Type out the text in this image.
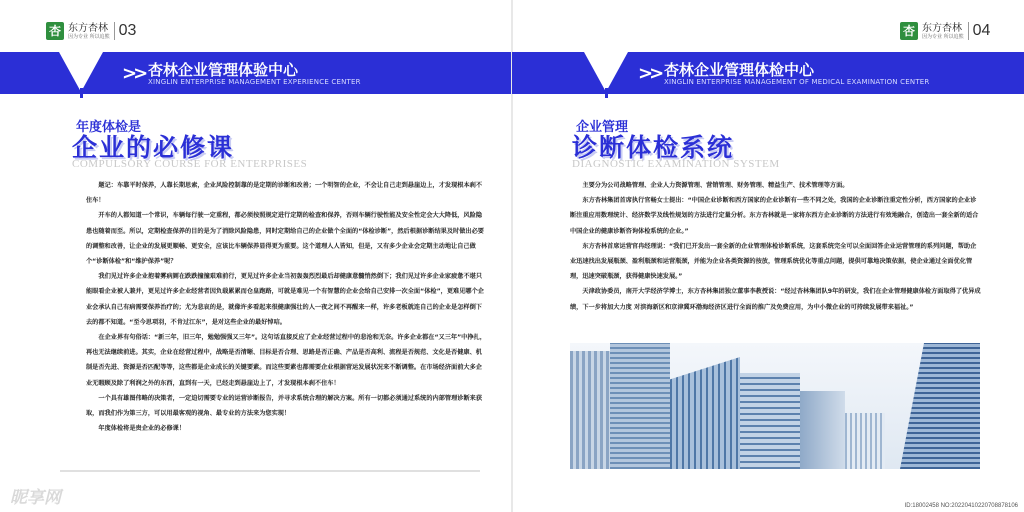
杏 东方杏林
因为专业 所以追熊 03
>> 杏林企业管理体验中心
XINGLIN ENTERPRISE MANAGEMENT EXPERIENCE CENTER
年度体检是
企业的必修课
COMPULSORY COURSE FOR ENTERPRISES

题记：车靠平时保养，人靠长期思索，企业风险控制靠的是定期的诊断和改善；一个明智的企业，不会让自己走到悬崖边上，才发现根本刹不住车！

开车的人都知道一个常识，车辆每行驶一定重程，都必须按照规定进行定期的检查和保养，否则车辆行驶性能及安全性定会大大降低，风险隐患也随着而至。所以，定期检查保养的目的是为了消除风险隐患，同时定期给自己的企业做个全面的“体检诊断”，然后根据诊断结果及时做出必要的调整和改善，让企业的发展更顺畅、更安全，应该比车辆保养显得更为重要。这个道理人人皆知，但是，又有多少企业会定期主动地让自己做个“诊断体检”和“维护保养”呢？

我们见过许多企业抱着雾病厕在跌跌撞撞艰难前行，更见过许多企业当初轰轰烈烈最后却健康意髓悄然倒下；我们见过许多企业家疲惫不堪只能眼看企业被人兼并，更见过许多企业经营者因负载累累而仓皇跑路，可就是难见一个有智慧的企业会给自己安排一次全面“体检”，更难见哪个企业会承认自己有病需要保养治疗的；尤为悲哀的是，就像许多看起来很健康强壮的人一夜之间不再醒来一样，许多老板就连自己的企业是怎样倒下去的都不知道。“至今思项羽，不肯过江东”，是对这些企业的最好悼唁。

在企业界有句俗话：“新三年，旧三年，勉勉强强又三年”。这句话直接反应了企业经营过程中的悲沧和无奈。许多企业都在“又三年”中挣扎，再也无法继续前进。其实，企业在经营过程中，战略是否清晰、目标是否合理、思路是否正确、产品是否高利、流程是否规范、文化是否健康、机制是否先进、资源是否匹配等等，这些都是企业成长的关键要素。而这些要素也都需要企业根据营运发展状况来不断调整。在市场经济面前大多企业无暇顾及除了利润之外的东西，直到有一天，已经走到悬崖边上了，才发现根本刹不住车！

一个具有雄图伟略的决策者，一定迫切需要专业的运营诊断报告，并寻求系统合理的解决方案。所有一切都必须通过系统的内部管理诊断来获取，而我们作为第三方，可以用最客观的视角、最专业的方法来为您实现！

年度体检将是贵企业的必修课！

昵享网
杏 东方杏林
因为专业 所以追熊 04
>> 杏林企业管理体检中心
XINGLIN ENTERPRISE MANAGEMENT OF MEDICAL EXAMINATION CENTER
企业管理
诊断体检系统
DIAGNOSTIC EXAMINATION SYSTEM

主要分为公司战略管理、企业人力资源管理、营销管理、财务管理、精益生产、技术管理等方面。

东方杏林集团首席执行官畅女士提出：“中国企业诊断和西方国家的企业诊断有一些不同之处，我国的企业诊断注重定性分析，西方国家的企业诊断注重应用数理统计、经济数学及线性规划的方法进行定量分析。东方杏林就是一家将东西方企业诊断的方法进行有效地融合，创造出一套全新的适合中国企业的健康诊断咨询体检系统的企业。”

东方杏林首席运营官冉经理说：“我们已开发出一套全新的企业管理体检诊断系统，这套系统完全可以全面回答企业运营管理的系列问题，帮助企业迅速找出发展瓶颈、盈利瓶颈和运营瓶颈，并能为企业各类资源的按放，管理系统优化等重点问题，提供可靠地决策依据，使企业通过全面优化管理，迅速突破瓶颈，获得健康快速发展。”

天津政协委员，南开大学经济学博士，东方杏林集团独立董事李教授说：“经过杏林集团队9年的研发，我们在企业管理健康体检方面取得了优异成绩，下一步将加大力度 对滨海新区和京津冀环渤海经济区进行全面的推广及免费应用，为中小微企业的可持续发展带来福祉。”

ID:18002458 NO:20220410220708878106
